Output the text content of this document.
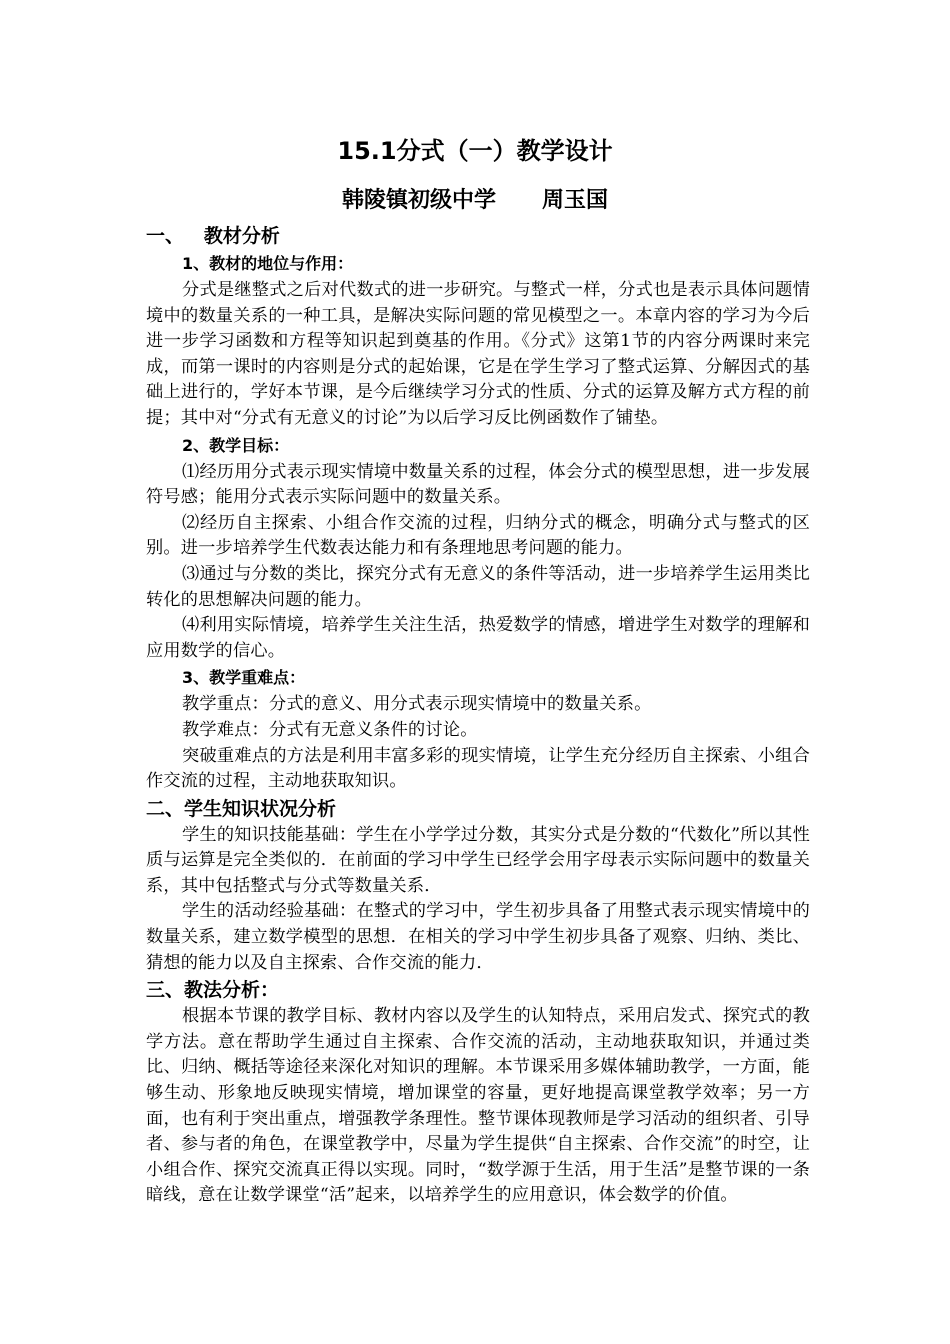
15.1分式（一）教学设计
韩陵镇初级中学      周玉国
一、   教材分析
1、教材的地位与作用：

分式是继整式之后对代数式的进一步研究。与整式一样，分式也是表示具体问题情境中的数量关系的一种工具，是解决实际问题的常见模型之一。本章内容的学习为今后进一步学习函数和方程等知识起到奠基的作用。《分式》这第1节的内容分两课时来完成，而第一课时的内容则是分式的起始课，它是在学生学习了整式运算、分解因式的基础上进行的，学好本节课，是今后继续学习分式的性质、分式的运算及解方式方程的前提；其中对“分式有无意义的讨论”为以后学习反比例函数作了铺垫。

2、教学目标：

⑴经历用分式表示现实情境中数量关系的过程，体会分式的模型思想，进一步发展符号感；能用分式表示实际问题中的数量关系。

⑵经历自主探索、小组合作交流的过程，归纳分式的概念，明确分式与整式的区别。进一步培养学生代数表达能力和有条理地思考问题的能力。

⑶通过与分数的类比，探究分式有无意义的条件等活动，进一步培养学生运用类比转化的思想解决问题的能力。

⑷利用实际情境，培养学生关注生活，热爱数学的情感，增进学生对数学的理解和应用数学的信心。

3、教学重难点：

教学重点：分式的意义、用分式表示现实情境中的数量关系。

教学难点：分式有无意义条件的讨论。

突破重难点的方法是利用丰富多彩的现实情境，让学生充分经历自主探索、小组合作交流的过程，主动地获取知识。

二、学生知识状况分析

学生的知识技能基础：学生在小学学过分数，其实分式是分数的“代数化”所以其性质与运算是完全类似的．在前面的学习中学生已经学会用字母表示实际问题中的数量关系，其中包括整式与分式等数量关系．

学生的活动经验基础：在整式的学习中，学生初步具备了用整式表示现实情境中的数量关系，建立数学模型的思想．在相关的学习中学生初步具备了观察、归纳、类比、猜想的能力以及自主探索、合作交流的能力．

三、教法分析：

根据本节课的教学目标、教材内容以及学生的认知特点，采用启发式、探究式的教学方法。意在帮助学生通过自主探索、合作交流的活动，主动地获取知识，并通过类比、归纳、概括等途径来深化对知识的理解。本节课采用多媒体辅助教学，一方面，能够生动、形象地反映现实情境，增加课堂的容量，更好地提高课堂教学效率；另一方面，也有利于突出重点，增强教学条理性。整节课体现教师是学习活动的组织者、引导者、参与者的角色，在课堂教学中，尽量为学生提供“自主探索、合作交流”的时空，让小组合作、探究交流真正得以实现。同时，“数学源于生活，用于生活”是整节课的一条暗线，意在让数学课堂“活”起来，以培养学生的应用意识，体会数学的价值。
